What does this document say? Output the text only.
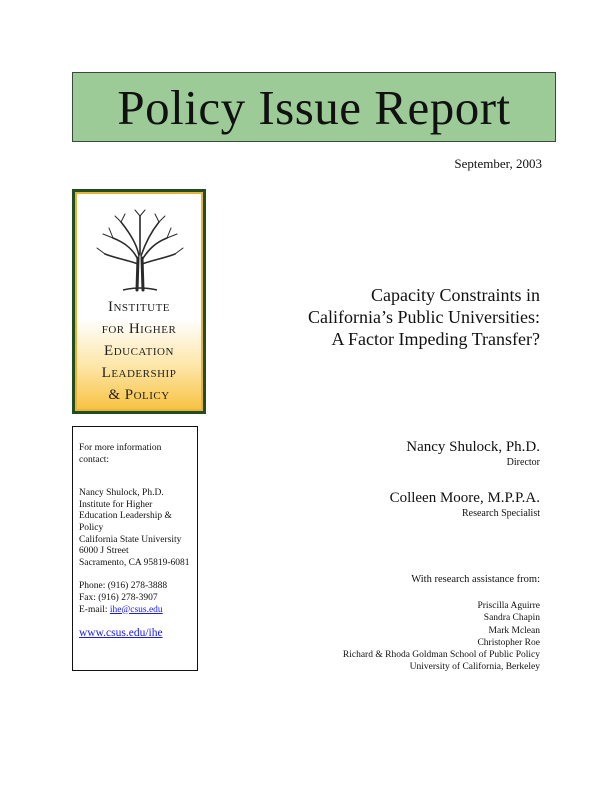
Policy Issue Report
September, 2003
Institute
for Higher
Education
Leadership
& Policy
Capacity Constraints in
California’s Public Universities:
A Factor Impeding Transfer?

For more information contact:

Nancy Shulock, Ph.D.

Institute for Higher Education Leadership & Policy

California State University

6000 J Street

Sacramento, CA 95819-6081

Phone: (916) 278-3888

Fax: (916) 278-3907

E-mail: ihe@csus.edu

www.csus.edu/ihe

Nancy Shulock, Ph.D.
Director
Colleen Moore, M.P.P.A.
Research Specialist
With research assistance from:
Priscilla Aguirre
Sandra Chapin
Mark Mclean
Christopher Roe
Richard & Rhoda Goldman School of Public Policy
University of California, Berkeley
